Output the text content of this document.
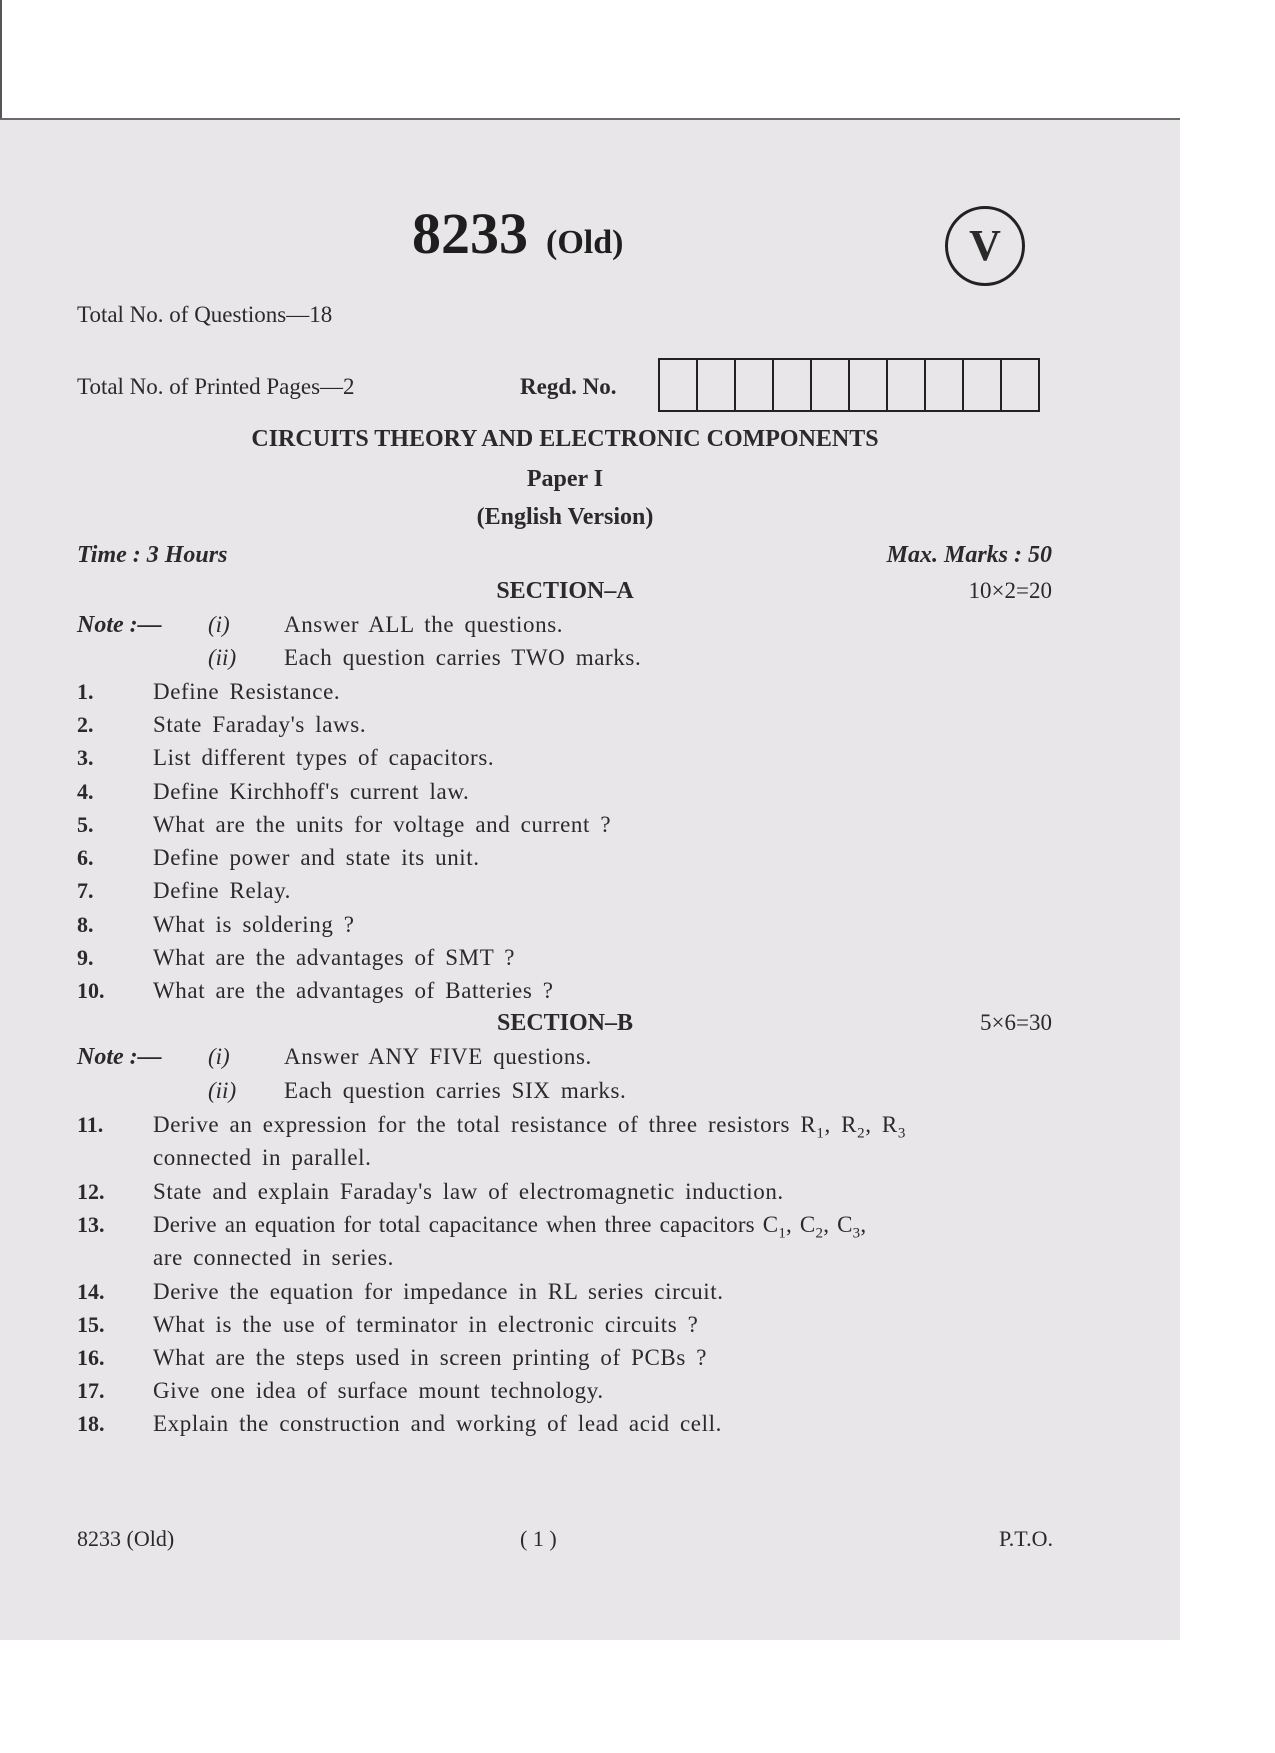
8233 (Old)	V
Total No. of Questions—18
Total No. of Printed Pages—2	Regd. No.
CIRCUITS THEORY AND ELECTRONIC COMPONENTS
Paper I
(English Version)
Time : 3 Hours	Max. Marks : 50
SECTION–A	10×2=20
Note :— (i) Answer ALL the questions.
(ii) Each question carries TWO marks.
1.	Define Resistance.
2.	State Faraday's laws.
3.	List different types of capacitors.
4.	Define Kirchhoff's current law.
5.	What are the units for voltage and current ?
6.	Define power and state its unit.
7.	Define Relay.
8.	What is soldering ?
9.	What are the advantages of SMT ?
10. What are the advantages of Batteries ?
SECTION–B	5×6=30
Note :— (i) Answer ANY FIVE questions.
(ii) Each question carries SIX marks.
11. Derive an expression for the total resistance of three resistors $R_1$, $R_2$, $R_3$
connected in parallel.
12. State and explain Faraday's law of electromagnetic induction.
13. Derive an equation for total capacitance when three capacitors $C_1$, $C_2$, $C_3$,
are connected in series.
14. Derive the equation for impedance in RL series circuit.
15. What is the use of terminator in electronic circuits ?
16. What are the steps used in screen printing of PCBs ?
17. Give one idea of surface mount technology.
18. Explain the construction and working of lead acid cell.
8233 (Old)	( 1 )	P.T.O.
